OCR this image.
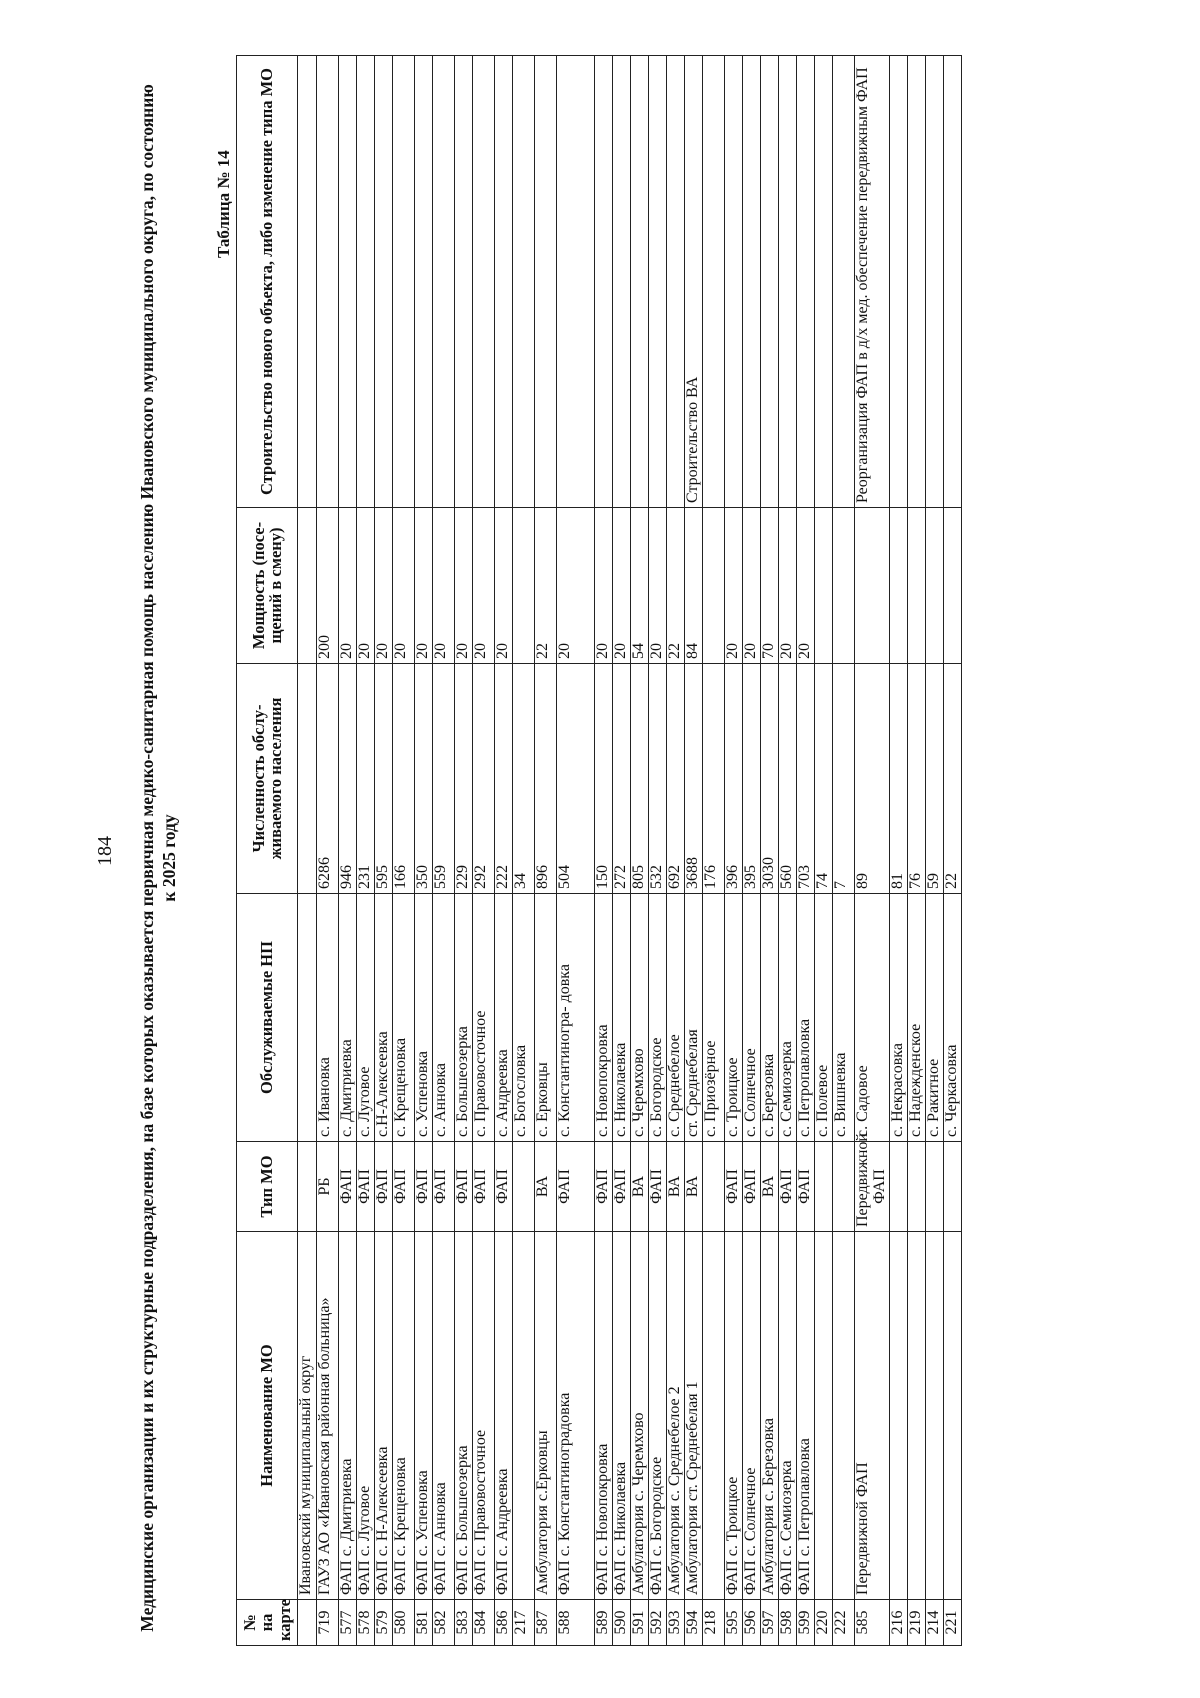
184 Медицинские организации и их структурные подразделения, на базе которых оказывается первичная медико-санитарная помощь населению Ивановского муниципального округа, по состоянию к 2025 году
Таблица № 14
№ на карте	Наименование МО	Тип МО	Обслуживаемые НП	Численность обслу- живаемого населения	Мощность (посе- щений в смену)	Строительство нового объекта, либо изменение типа МО
	Ивановский муниципальный округ					
719	ГАУЗ АО «Ивановская районная больница»	РБ	с. Ивановка	6286	200	
577	ФАП с. Дмитриевка	ФАП	с. Дмитриевка	946	20	
578	ФАП с. Луговое	ФАП	с. Луговое	231	20	
579	ФАП с. Н-Алексеевка	ФАП	с.Н-Алексеевка	595	20	
580	ФАП с. Крещеновка	ФАП	с. Крещеновка	166	20	
581	ФАП с. Успеновка	ФАП	с. Успеновка	350	20	
582	ФАП с. Анновка	ФАП	с. Анновка	559	20	
583	ФАП с. Большеозерка	ФАП	с. Большеозерка	229	20	
584	ФАП с. Правовосточное	ФАП	с. Правовосточное	292	20	
586	ФАП с. Андреевка	ФАП	с. Андреевка	222	20	
217			с. Богословка	34		
587	Амбулатория с.Ерковцы	ВА	с. Ерковцы	896	22	
588	ФАП с. Константиноградовка	ФАП	с. Константиногра- довка	504	20	
589	ФАП с. Новопокровка	ФАП	с. Новопокровка	150	20	
590	ФАП с. Николаевка	ФАП	с. Николаевка	272	20	
591	Амбулатория с. Черемхово	ВА	с. Черемхово	805	54	
592	ФАП с. Богородское	ФАП	с. Богородское	532	20	
593	Амбулатория с. Среднебелое 2	ВА	с. Среднебелое	692	22	
594	Амбулатория ст. Среднебелая 1	ВА	ст. Среднебелая	3688	84	Строительство ВА
218			с. Приозёрное	176		
595	ФАП с. Троицкое	ФАП	с. Троицкое	396	20	
596	ФАП с. Солнечное	ФАП	с. Солнечное	395	20	
597	Амбулатория с. Березовка	ВА	с. Березовка	3030	70	
598	ФАП с. Семиозерка	ФАП	с. Семиозерка	560	20	
599	ФАП с. Петропавловка	ФАП	с. Петропавловка	703	20	
220			с. Полевое	74		
222			с. Вишневка	7		
585	Передвижной ФАП	Передвижной ФАП	с. Садовое	89		Реорганизация ФАП в д/х мед. обеспечение передвижным ФАП
216			с. Некрасовка	81		
219			с. Надежденское	76		
214			с. Ракитное	59		
221			с. Черкасовка	22		
